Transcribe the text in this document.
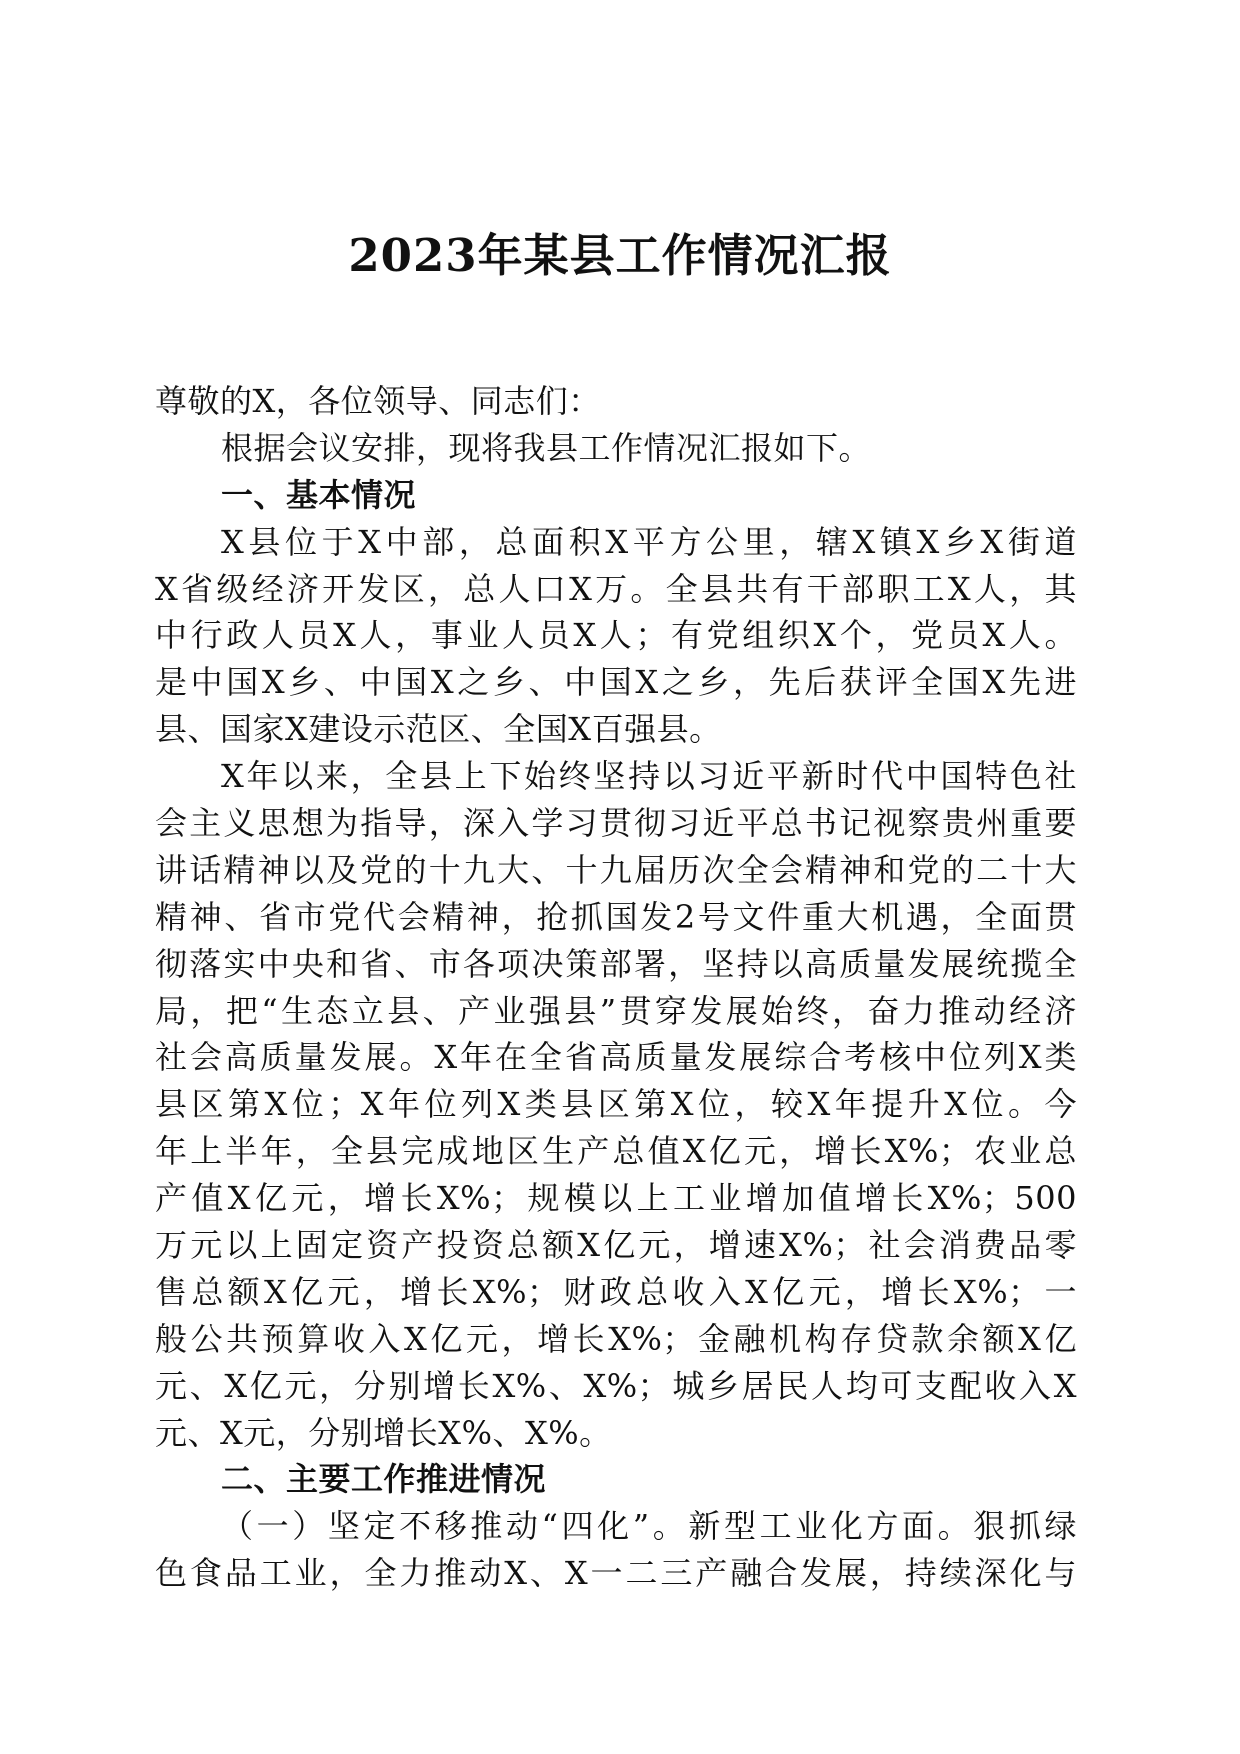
2023年某县工作情况汇报
尊敬的X，各位领导、同志们：
根据会议安排，现将我县工作情况汇报如下。
一、基本情况
X县位于X中部，总面积X平方公里，辖X镇X乡X街道
X省级经济开发区，总人口X万。全县共有干部职工X人，其
中行政人员X人，事业人员X人；有党组织X个，党员X人。
是中国X乡、中国X之乡、中国X之乡，先后获评全国X先进
县、国家X建设示范区、全国X百强县。
X年以来，全县上下始终坚持以习近平新时代中国特色社
会主义思想为指导，深入学习贯彻习近平总书记视察贵州重要
讲话精神以及党的十九大、十九届历次全会精神和党的二十大
精神、省市党代会精神，抢抓国发2号文件重大机遇，全面贯
彻落实中央和省、市各项决策部署，坚持以高质量发展统揽全
局，把“生态立县、产业强县”贯穿发展始终，奋力推动经济
社会高质量发展。X年在全省高质量发展综合考核中位列X类
县区第X位；X年位列X类县区第X位，较X年提升X位。今
年上半年，全县完成地区生产总值X亿元，增长X%；农业总
产值X亿元，增长X%；规模以上工业增加值增长X%；500
万元以上固定资产投资总额X亿元，增速X%；社会消费品零
售总额X亿元，增长X%；财政总收入X亿元，增长X%；一
般公共预算收入X亿元，增长X%；金融机构存贷款余额X亿
元、X亿元，分别增长X%、X%；城乡居民人均可支配收入X
元、X元，分别增长X%、X%。
二、主要工作推进情况
（一）坚定不移推动“四化”。新型工业化方面。狠抓绿
色食品工业，全力推动X、X一二三产融合发展，持续深化与
